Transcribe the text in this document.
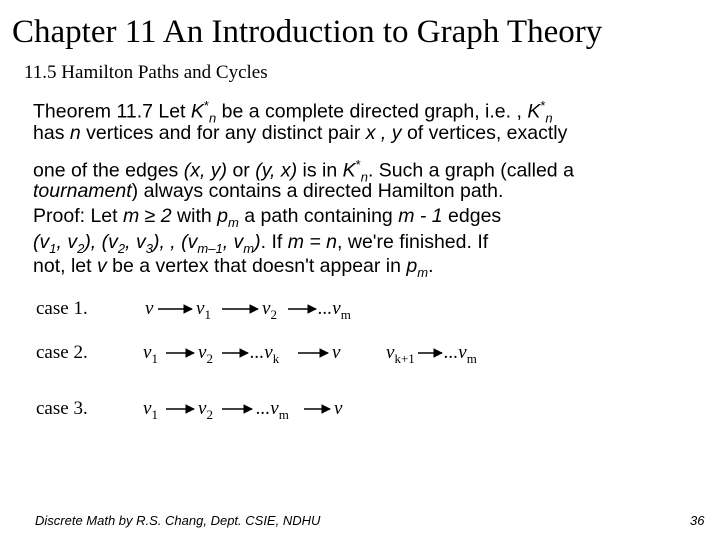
Chapter 11 An Introduction to Graph Theory
11.5 Hamilton Paths and Cycles
Theorem 11.7 Let $K^*_n$ be a complete directed graph, i.e. , $K^*_n$
has n vertices and for any distinct pair x , y of vertices, exactly
one of the edges (x, y) or (y, x) is in $K^*_n$. Such a graph (called a
tournament) always contains a directed Hamilton path.
Proof: Let m ≥ 2 with $p_m$ a path containing m - 1 edges
($v_1$, $v_2$), ($v_2$, $v_3$), , ($v_{m-1}$, $v_m$). If m = n, we're finished. If
not, let v be a vertex that doesn't appear in $p_m$.
case 1.	v $v_1$	$v_2$ $...v_m$
case 2.	$v_1$ $v_2$ $...v_k$	v $v_{k+1}$ $...v_m$
case 3.	$v_1$ $v_2$ $...v_m$ v
Discrete Math by R.S. Chang, Dept. CSIE, NDHU	36
